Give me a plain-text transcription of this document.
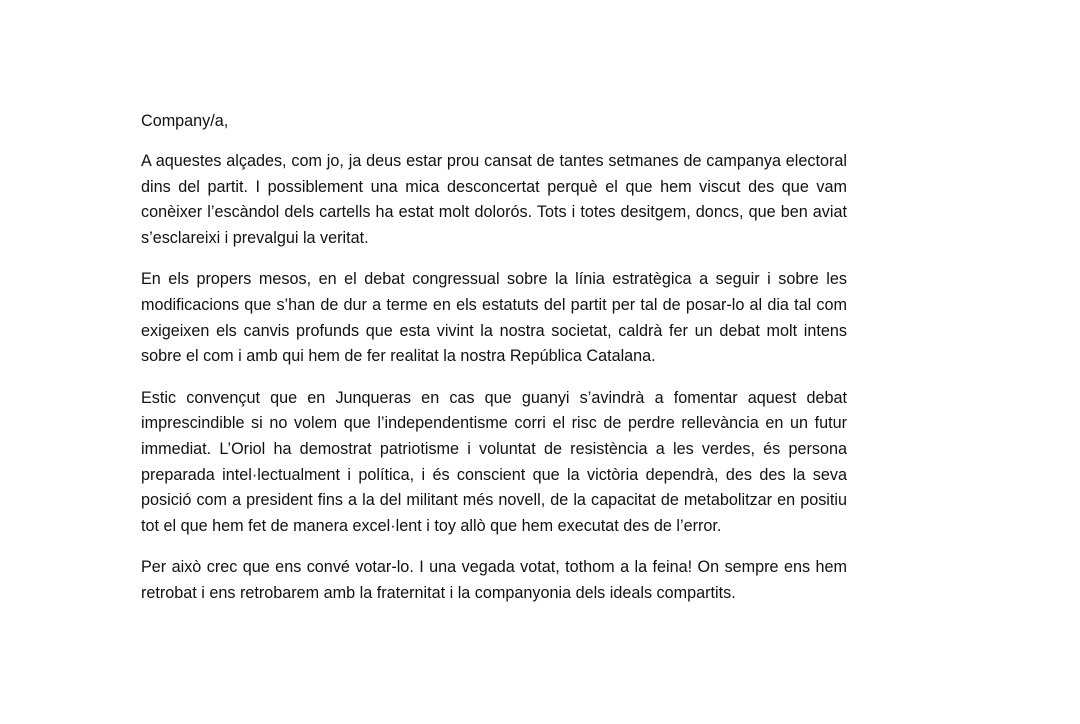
Company/a,

A aquestes alçades, com jo, ja deus estar prou cansat de tantes setmanes de campanya electoral dins del partit. I possiblement una mica desconcertat perquè el que hem viscut des que vam conèixer l’escàndol dels cartells ha estat molt dolorós. Tots i totes desitgem, doncs, que ben aviat s’esclareixi i prevalgui la veritat.

En els propers mesos, en el debat congressual sobre la línia estratègica a seguir i sobre les modificacions que s’han de dur a terme en els estatuts del partit per tal de posar-lo al dia tal com exigeixen els canvis profunds que esta vivint la nostra societat, caldrà fer un debat molt intens sobre el com i amb qui hem de fer realitat la nostra República Catalana.

Estic convençut que en Junqueras en cas que guanyi s’avindrà a fomentar aquest debat imprescindible si no volem que l’independentisme corri el risc de perdre rellevància en un futur immediat. L’Oriol ha demostrat patriotisme i voluntat de resistència a les verdes, és persona preparada intel·lectualment i política, i és conscient que la victòria dependrà, des des la seva posició com a president fins a la del militant més novell, de la capacitat de metabolitzar en positiu tot el que hem fet de manera excel·lent i toy allò que hem executat des de l’error.

Per això crec que ens convé votar-lo. I una vegada votat, tothom a la feina! On sempre ens hem retrobat i ens retrobarem amb la fraternitat i la companyonia dels ideals compartits.
